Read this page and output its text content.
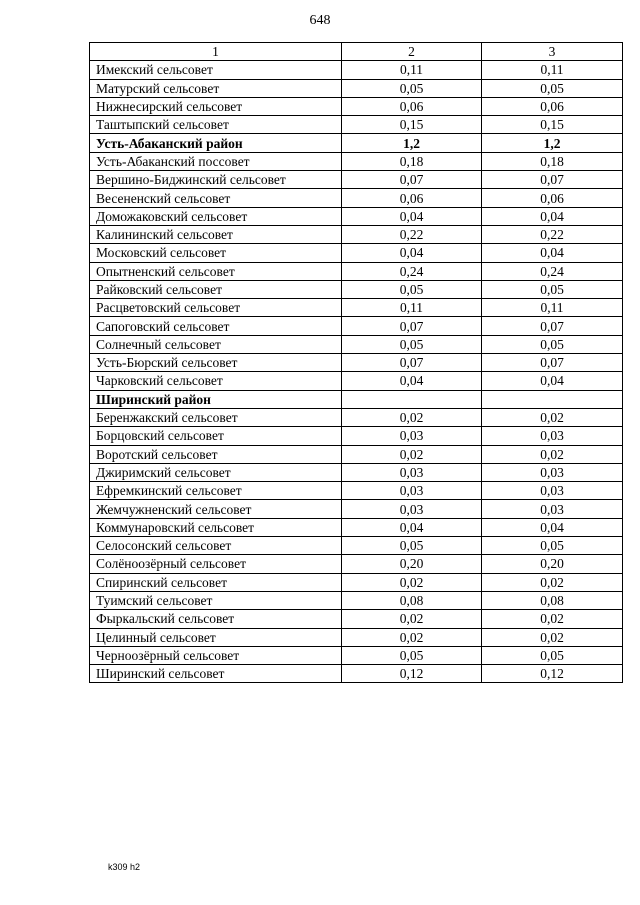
648
1	2	3
Имекский сельсовет	0,11	0,11
Матурский сельсовет	0,05	0,05
Нижнесирский сельсовет	0,06	0,06
Таштыпский сельсовет	0,15	0,15
Усть-Абаканский район	1,2	1,2
Усть-Абаканский поссовет	0,18	0,18
Вершино-Биджинский сельсовет	0,07	0,07
Весененский сельсовет	0,06	0,06
Доможаковский сельсовет	0,04	0,04
Калининский сельсовет	0,22	0,22
Московский сельсовет	0,04	0,04
Опытненский сельсовет	0,24	0,24
Райковский сельсовет	0,05	0,05
Расцветовский сельсовет	0,11	0,11
Сапоговский сельсовет	0,07	0,07
Солнечный сельсовет	0,05	0,05
Усть-Бюрский сельсовет	0,07	0,07
Чарковский сельсовет	0,04	0,04
Ширинский район		
Беренжакский сельсовет	0,02	0,02
Борцовский сельсовет	0,03	0,03
Воротский сельсовет	0,02	0,02
Джиримский сельсовет	0,03	0,03
Ефремкинский сельсовет	0,03	0,03
Жемчужненский сельсовет	0,03	0,03
Коммунаровский сельсовет	0,04	0,04
Селосонский сельсовет	0,05	0,05
Солёноозёрный сельсовет	0,20	0,20
Спиринский сельсовет	0,02	0,02
Туимский сельсовет	0,08	0,08
Фыркальский сельсовет	0,02	0,02
Целинный сельсовет	0,02	0,02
Черноозёрный сельсовет	0,05	0,05
Ширинский сельсовет	0,12	0,12
k309 h2
